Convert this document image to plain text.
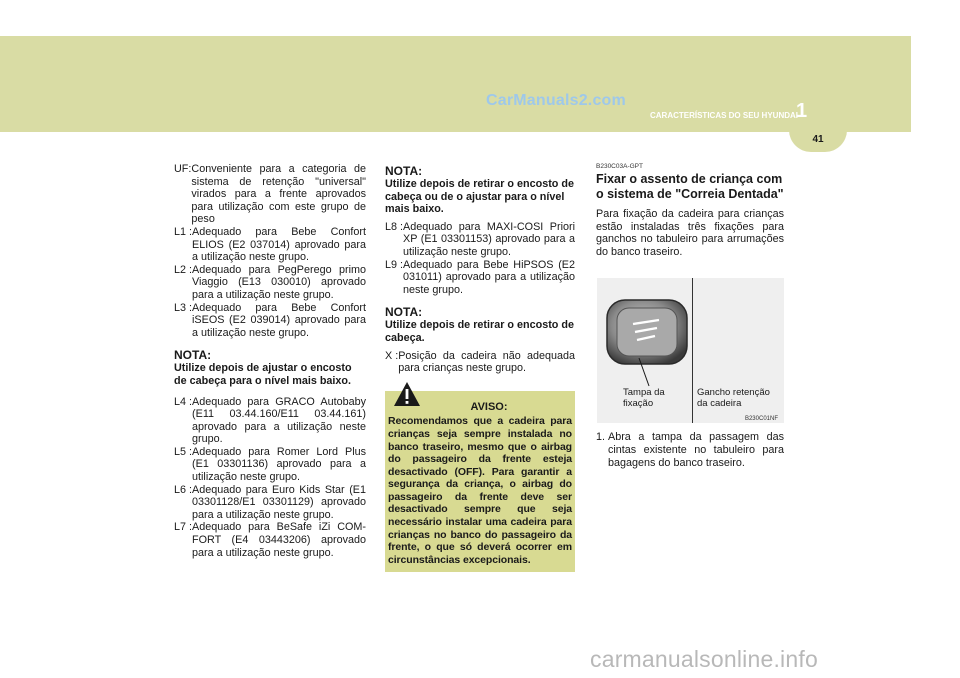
CarManuals2.com
CARACTERÍSTICAS DO SEU HYUNDAI
1
41
UF: Conveniente para a categoria de sistema de retenção "universal" virados para a frente aprovados para utilização com este grupo de peso
L1 : Adequado para Bebe Confort ELIOS (E2 037014) aprovado para a utilização neste grupo.
L2 : Adequado para PegPerego primo Viaggio (E13 030010) aprovado para a utilização neste grupo.
L3 : Adequado para Bebe Confort iSEOS (E2 039014) aprovado para a utilização neste grupo.
NOTA:
Utilize depois de ajustar o encosto de cabeça para o nível mais baixo.
L4 : Adequado para GRACO Autobaby (E11 03.44.160/E11 03.44.161) aprovado para a utilização neste grupo.
L5 : Adequado para Romer Lord Plus (E1 03301136) aprovado para a utilização neste grupo.
L6 : Adequado para Euro Kids Star (E1 03301128/E1 03301129) aprovado para a utilização neste grupo.
L7 : Adequado para BeSafe iZi COM-FORT (E4 03443206) aprovado para a utilização neste grupo.
NOTA:
Utilize depois de retirar o encosto de cabeça ou de o ajustar para o nível mais baixo.
L8 : Adequado para MAXI-COSI Priori XP (E1 03301153) aprovado para a utilização neste grupo.
L9 : Adequado para Bebe HiPSOS (E2 031011) aprovado para a utilização neste grupo.
NOTA:
Utilize depois de retirar o encosto de cabeça.
X : Posição da cadeira não adequada para crianças neste grupo.
AVISO:
Recomendamos que a cadeira para crianças seja sempre instalada no banco traseiro, mesmo que o airbag do passageiro da frente esteja desactivado (OFF). Para garantir a segurança da criança, o airbag do passageiro da frente deve ser desactivado sempre que seja necessário instalar uma cadeira para crianças no banco do passageiro da frente, o que só deverá ocorrer em circunstâncias excepcionais.
B230C03A-GPT
Fixar o assento de criança com o sistema de "Correia Dentada"
Para fixação da cadeira para crianças estão instaladas três fixações para ganchos no tabuleiro para arrumações do banco traseiro.
Tampa da fixação
Gancho retenção da cadeira
B230C01NF
1. Abra a tampa da passagem das cintas existente no tabuleiro para bagagens do banco traseiro.
carmanualsonline.info
